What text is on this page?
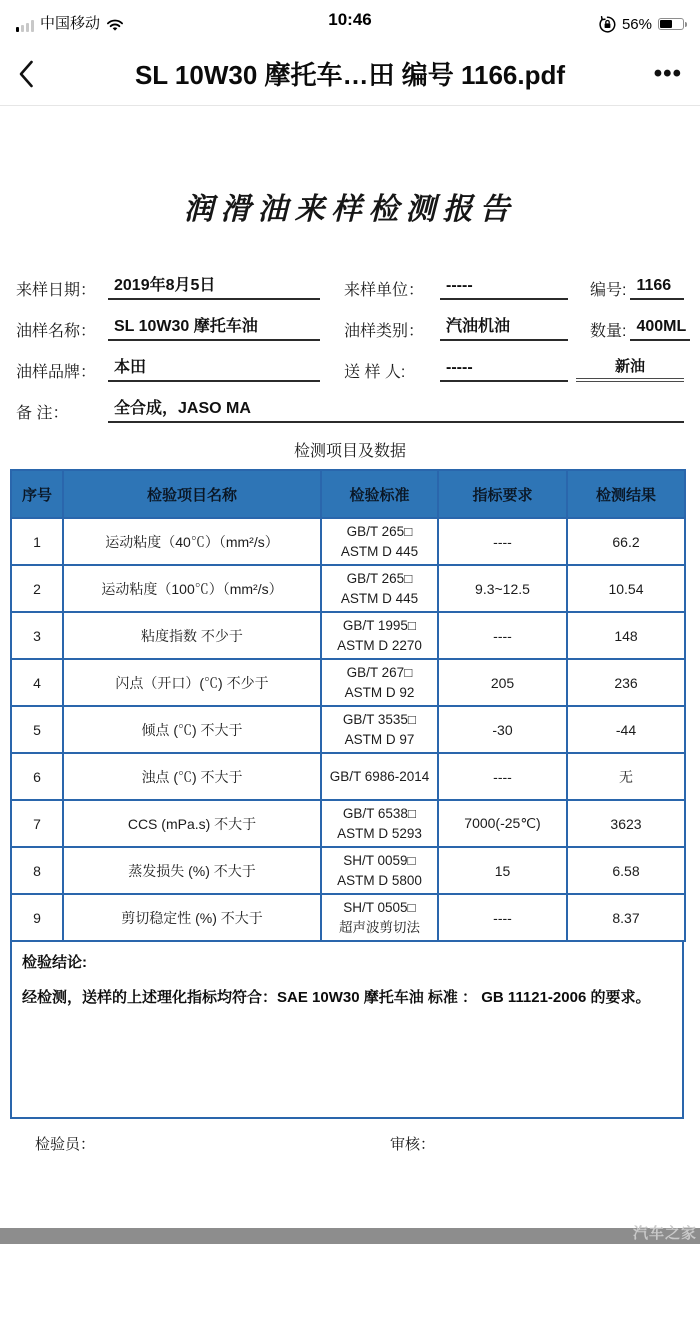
中国移动	10:46	56%
SL 10W30 摩托车…田 编号 1166.pdf	•••
润滑油来样检测报告
来样日期：	2019年8月5日	来样单位：	-----	编号: 1166
油样名称：	SL 10W30 摩托车油	油样类别：	汽油机油	数量: 400ML
油样品牌：	本田	送 样 人:	-----	新油
备 注：	全合成，JASO MA
检测项目及数据
序号	检验项目名称	检验标准	指标要求	检测结果
1	运动粘度（40℃）（mm²/s）	GB/T 265□
ASTM D 445	----	66.2
2	运动粘度（100℃）（mm²/s）	GB/T 265□
ASTM D 445	9.3~12.5	10.54
3	粘度指数 不少于	GB/T 1995□
ASTM D 2270	----	148
4	闪点（开口）(℃) 不少于	GB/T 267□
ASTM D 92	205	236
5	倾点 (℃) 不大于	GB/T 3535□
ASTM D 97	-30	-44
6	浊点 (℃) 不大于	GB/T 6986-2014	----	无
7	CCS (mPa.s) 不大于	GB/T 6538□
ASTM D 5293	7000(-25℃)	3623
8	蒸发损失 (%) 不大于	SH/T 0059□
ASTM D 5800	15	6.58
9	剪切稳定性 (%) 不大于	SH/T 0505□
超声波剪切法	----	8.37
检验结论:
经检测，送样的上述理化指标均符合：SAE 10W30 摩托车油 标准 ： GB 11121-2006 的要求。
检验员：	审核：
汽车之家
